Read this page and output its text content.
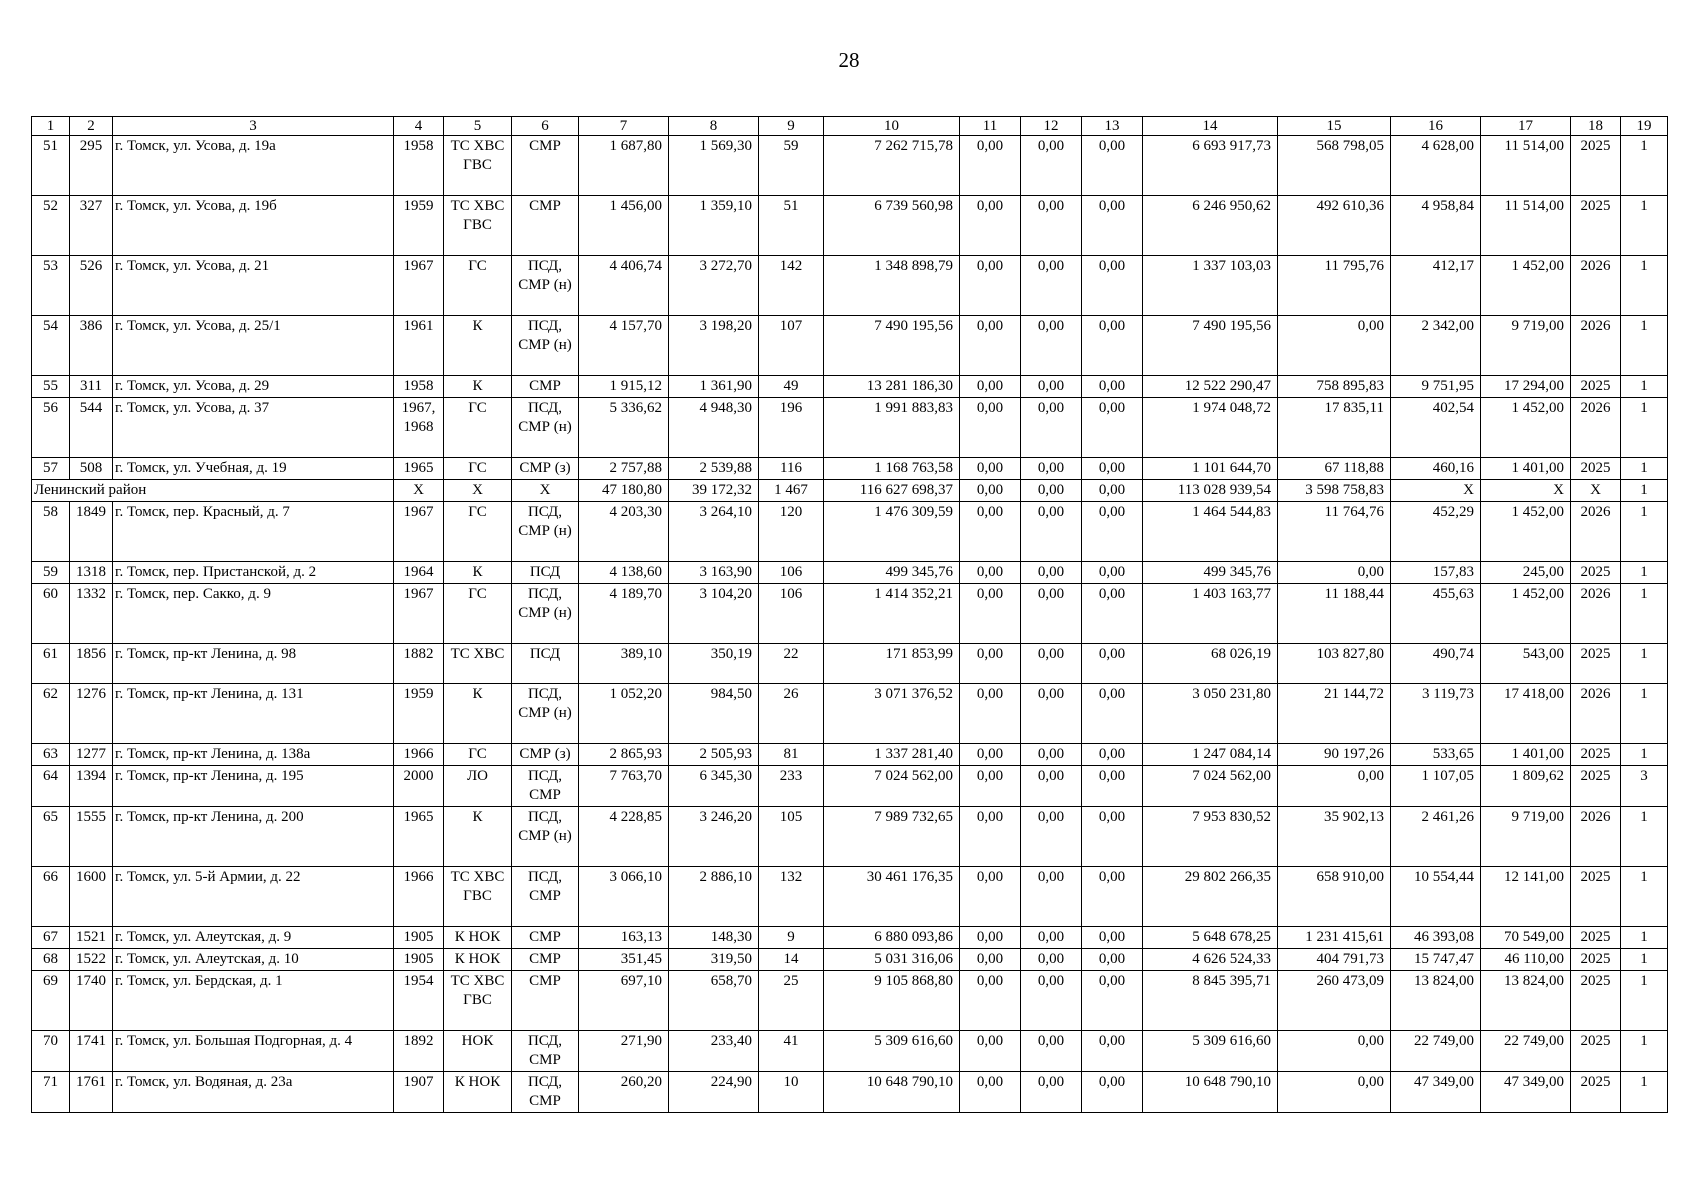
28
1	2	3	4	5	6	7	8	9	10	11	12	13	14	15	16	17	18	19
51	295	г. Томск, ул. Усова, д. 19а	1958	ТС ХВС ГВС	СМР	1 687,80	1 569,30	59	7 262 715,78	0,00	0,00	0,00	6 693 917,73	568 798,05	4 628,00	11 514,00	2025	1
52	327	г. Томск, ул. Усова, д. 19б	1959	ТС ХВС ГВС	СМР	1 456,00	1 359,10	51	6 739 560,98	0,00	0,00	0,00	6 246 950,62	492 610,36	4 958,84	11 514,00	2025	1
53	526	г. Томск, ул. Усова, д. 21	1967	ГС	ПСД, СМР (н)	4 406,74	3 272,70	142	1 348 898,79	0,00	0,00	0,00	1 337 103,03	11 795,76	412,17	1 452,00	2026	1
54	386	г. Томск, ул. Усова, д. 25/1	1961	К	ПСД, СМР (н)	4 157,70	3 198,20	107	7 490 195,56	0,00	0,00	0,00	7 490 195,56	0,00	2 342,00	9 719,00	2026	1
55	311	г. Томск, ул. Усова, д. 29	1958	К	СМР	1 915,12	1 361,90	49	13 281 186,30	0,00	0,00	0,00	12 522 290,47	758 895,83	9 751,95	17 294,00	2025	1
56	544	г. Томск, ул. Усова, д. 37	1967, 1968	ГС	ПСД, СМР (н)	5 336,62	4 948,30	196	1 991 883,83	0,00	0,00	0,00	1 974 048,72	17 835,11	402,54	1 452,00	2026	1
57	508	г. Томск, ул. Учебная, д. 19	1965	ГС	СМР (з)	2 757,88	2 539,88	116	1 168 763,58	0,00	0,00	0,00	1 101 644,70	67 118,88	460,16	1 401,00	2025	1
Ленинский район			Х	Х	Х	47 180,80	39 172,32	1 467	116 627 698,37	0,00	0,00	0,00	113 028 939,54	3 598 758,83	Х	Х	Х	1
58	1849	г. Томск, пер. Красный, д. 7	1967	ГС	ПСД, СМР (н)	4 203,30	3 264,10	120	1 476 309,59	0,00	0,00	0,00	1 464 544,83	11 764,76	452,29	1 452,00	2026	1
59	1318	г. Томск, пер. Пристанской, д. 2	1964	К	ПСД	4 138,60	3 163,90	106	499 345,76	0,00	0,00	0,00	499 345,76	0,00	157,83	245,00	2025	1
60	1332	г. Томск, пер. Сакко, д. 9	1967	ГС	ПСД, СМР (н)	4 189,70	3 104,20	106	1 414 352,21	0,00	0,00	0,00	1 403 163,77	11 188,44	455,63	1 452,00	2026	1
61	1856	г. Томск, пр-кт Ленина, д. 98	1882	ТС ХВС	ПСД	389,10	350,19	22	171 853,99	0,00	0,00	0,00	68 026,19	103 827,80	490,74	543,00	2025	1
62	1276	г. Томск, пр-кт Ленина, д. 131	1959	К	ПСД, СМР (н)	1 052,20	984,50	26	3 071 376,52	0,00	0,00	0,00	3 050 231,80	21 144,72	3 119,73	17 418,00	2026	1
63	1277	г. Томск, пр-кт Ленина, д. 138а	1966	ГС	СМР (з)	2 865,93	2 505,93	81	1 337 281,40	0,00	0,00	0,00	1 247 084,14	90 197,26	533,65	1 401,00	2025	1
64	1394	г. Томск, пр-кт Ленина, д. 195	2000	ЛО	ПСД, СМР	7 763,70	6 345,30	233	7 024 562,00	0,00	0,00	0,00	7 024 562,00	0,00	1 107,05	1 809,62	2025	3
65	1555	г. Томск, пр-кт Ленина, д. 200	1965	К	ПСД, СМР (н)	4 228,85	3 246,20	105	7 989 732,65	0,00	0,00	0,00	7 953 830,52	35 902,13	2 461,26	9 719,00	2026	1
66	1600	г. Томск, ул. 5-й Армии, д. 22	1966	ТС ХВС ГВС	ПСД, СМР	3 066,10	2 886,10	132	30 461 176,35	0,00	0,00	0,00	29 802 266,35	658 910,00	10 554,44	12 141,00	2025	1
67	1521	г. Томск, ул. Алеутская, д. 9	1905	К НОК	СМР	163,13	148,30	9	6 880 093,86	0,00	0,00	0,00	5 648 678,25	1 231 415,61	46 393,08	70 549,00	2025	1
68	1522	г. Томск, ул. Алеутская, д. 10	1905	К НОК	СМР	351,45	319,50	14	5 031 316,06	0,00	0,00	0,00	4 626 524,33	404 791,73	15 747,47	46 110,00	2025	1
69	1740	г. Томск, ул. Бердская, д. 1	1954	ТС ХВС ГВС	СМР	697,10	658,70	25	9 105 868,80	0,00	0,00	0,00	8 845 395,71	260 473,09	13 824,00	13 824,00	2025	1
70	1741	г. Томск, ул. Большая Подгорная, д. 4	1892	НОК	ПСД, СМР	271,90	233,40	41	5 309 616,60	0,00	0,00	0,00	5 309 616,60	0,00	22 749,00	22 749,00	2025	1
71	1761	г. Томск, ул. Водяная, д. 23а	1907	К НОК	ПСД, СМР	260,20	224,90	10	10 648 790,10	0,00	0,00	0,00	10 648 790,10	0,00	47 349,00	47 349,00	2025	1
